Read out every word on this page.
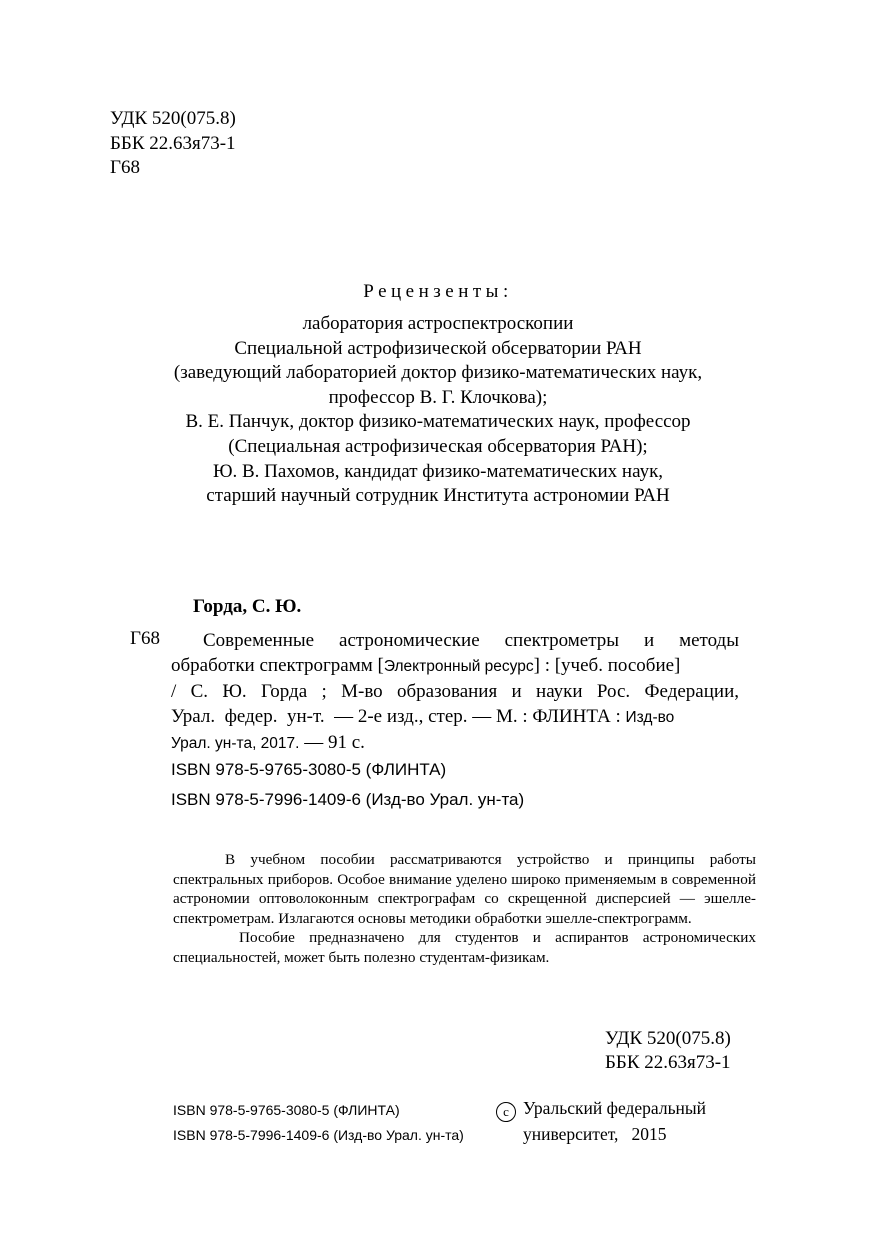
УДК 520(075.8)
ББК 22.63я73-1
Г68
Рецензенты:
лаборатория астроспектроскопии
Специальной астрофизической обсерватории РАН
(заведующий лабораторией доктор физико-математических наук,
профессор В. Г. Клочкова);
В. Е. Панчук, доктор физико-математических наук, профессор
(Специальная астрофизическая обсерватория РАН);
Ю. В. Пахомов, кандидат физико-математических наук,
старший научный сотрудник Института астрономии РАН
Горда, С. Ю.
Г68 Современные астрономические спектрометры и методы
обработки спектрограмм [Электронный ресурс] : [учеб. пособие]
/ С. Ю. Горда ; М-во образования и науки Рос. Федерации,
Урал.  федер.  ун-т.  — 2-е изд., стер. — М. : ФЛИНТА : Изд-во
Урал. ун-та, 2017. — 91 с.
ISBN 978-5-9765-3080-5 (ФЛИНТА)
ISBN 978-5-7996-1409-6 (Изд-во Урал. ун-та)

В учебном пособии рассматриваются устройство и принципы работы спектральных приборов. Особое внимание уделено широко применяемым в современной астрономии оптоволоконным спектрографам со скрещенной дисперсией — эшелле-спектрометрам. Излагаются основы методики обработки эшелле-спектрограмм.

Пособие предназначено для студентов и аспирантов астрономических специальностей, может быть полезно студентам-физикам.

УДК 520(075.8)
ББК 22.63я73-1
ISBN 978-5-9765-3080-5 (ФЛИНТА)
ISBN 978-5-7996-1409-6 (Изд-во Урал. ун-та)
c Уральский федеральный
университет,   2015
